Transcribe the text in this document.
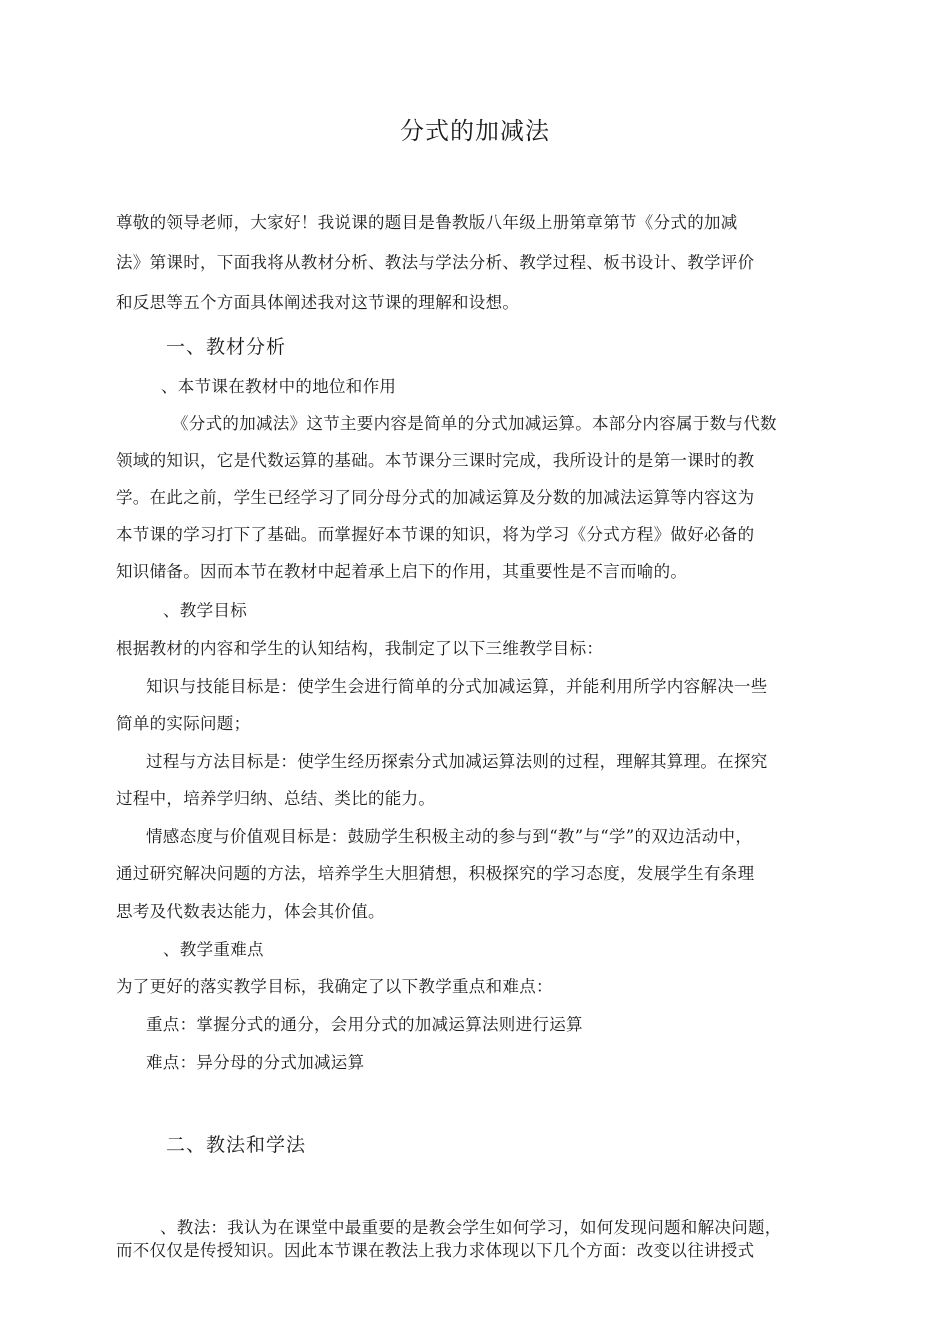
分式的加减法
尊敬的领导老师，大家好！我说课的题目是鲁教版八年级上册第章第节《分式的加减
法》第课时，下面我将从教材分析、教法与学法分析、教学过程、板书设计、教学评价
和反思等五个方面具体阐述我对这节课的理解和设想。
一、教材分析
、本节课在教材中的地位和作用
《分式的加减法》这节主要内容是简单的分式加减运算。本部分内容属于数与代数
领域的知识，它是代数运算的基础。本节课分三课时完成，我所设计的是第一课时的教
学。在此之前，学生已经学习了同分母分式的加减运算及分数的加减法运算等内容这为
本节课的学习打下了基础。而掌握好本节课的知识，将为学习《分式方程》做好必备的
知识储备。因而本节在教材中起着承上启下的作用，其重要性是不言而喻的。
、教学目标
根据教材的内容和学生的认知结构，我制定了以下三维教学目标：
知识与技能目标是：使学生会进行简单的分式加减运算，并能利用所学内容解决一些
简单的实际问题；
过程与方法目标是：使学生经历探索分式加减运算法则的过程，理解其算理。在探究
过程中，培养学归纳、总结、类比的能力。
情感态度与价值观目标是：鼓励学生积极主动的参与到“教”与“学”的双边活动中，
通过研究解决问题的方法，培养学生大胆猜想，积极探究的学习态度，发展学生有条理
思考及代数表达能力，体会其价值。
、教学重难点
为了更好的落实教学目标，我确定了以下教学重点和难点：
重点：掌握分式的通分，会用分式的加减运算法则进行运算
难点：异分母的分式加减运算
二、教法和学法
、教法：我认为在课堂中最重要的是教会学生如何学习，如何发现问题和解决问题，
而不仅仅是传授知识。因此本节课在教法上我力求体现以下几个方面：改变以往讲授式
